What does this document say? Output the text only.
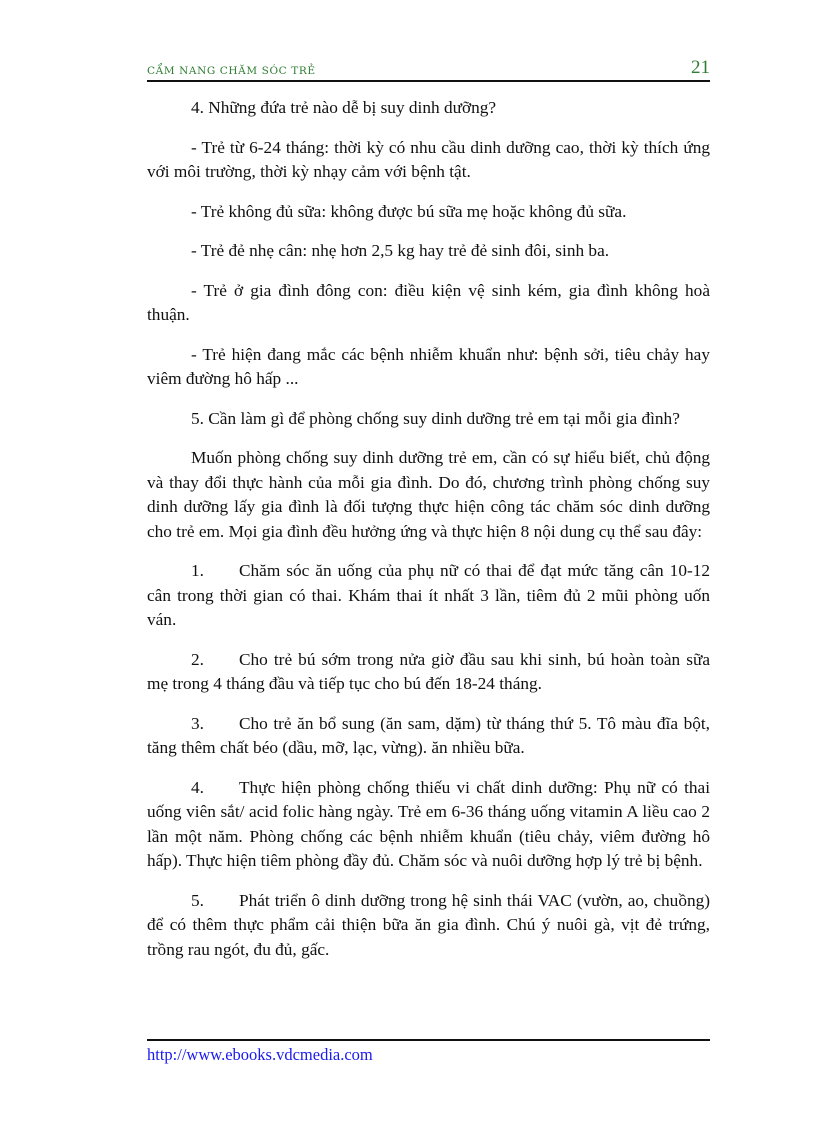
CẨM NANG CHĂM SÓC TRẺ	21

4. Những đứa trẻ nào dễ bị suy dinh dưỡng?

- Trẻ từ 6-24 tháng: thời kỳ có nhu cầu dinh dưỡng cao, thời kỳ thích ứng với môi trường, thời kỳ nhạy cảm với bệnh tật.

- Trẻ không đủ sữa: không được bú sữa mẹ hoặc không đủ sữa.

- Trẻ đẻ nhẹ cân: nhẹ hơn 2,5 kg hay trẻ đẻ sinh đôi, sinh ba.

- Trẻ ở gia đình đông con: điều kiện vệ sinh kém, gia đình không hoà thuận.

- Trẻ hiện đang mắc các bệnh nhiễm khuẩn như: bệnh sởi, tiêu chảy hay viêm đường hô hấp ...

5. Cần làm gì để phòng chống suy dinh dưỡng trẻ em tại mỗi gia đình?

Muốn phòng chống suy dinh dưỡng trẻ em, cần có sự hiểu biết, chủ động và thay đổi thực hành của mỗi gia đình. Do đó, chương trình phòng chống suy dinh dưỡng lấy gia đình là đối tượng thực hiện công tác chăm sóc dinh dưỡng cho trẻ em. Mọi gia đình đều hưởng ứng và thực hiện 8 nội dung cụ thể sau đây:

1. Chăm sóc ăn uống của phụ nữ có thai để đạt mức tăng cân 10-12 cân trong thời gian có thai. Khám thai ít nhất 3 lần, tiêm đủ 2 mũi phòng uốn ván.

2. Cho trẻ bú sớm trong nửa giờ đầu sau khi sinh, bú hoàn toàn sữa mẹ trong 4 tháng đầu và tiếp tục cho bú đến 18-24 tháng.

3. Cho trẻ ăn bổ sung (ăn sam, dặm) từ tháng thứ 5. Tô màu đĩa bột, tăng thêm chất béo (dầu, mỡ, lạc, vừng). ăn nhiều bữa.

4. Thực hiện phòng chống thiếu vi chất dinh dưỡng: Phụ nữ có thai uống viên sắt/ acid folic hàng ngày. Trẻ em 6-36 tháng uống vitamin A liều cao 2 lần một năm. Phòng chống các bệnh nhiễm khuẩn (tiêu chảy, viêm đường hô hấp). Thực hiện tiêm phòng đầy đủ. Chăm sóc và nuôi dưỡng hợp lý trẻ bị bệnh.

5. Phát triển ô dinh dưỡng trong hệ sinh thái VAC (vườn, ao, chuồng) để có thêm thực phẩm cải thiện bữa ăn gia đình. Chú ý nuôi gà, vịt đẻ trứng, trồng rau ngót, đu đủ, gấc.

http://www.ebooks.vdcmedia.com
